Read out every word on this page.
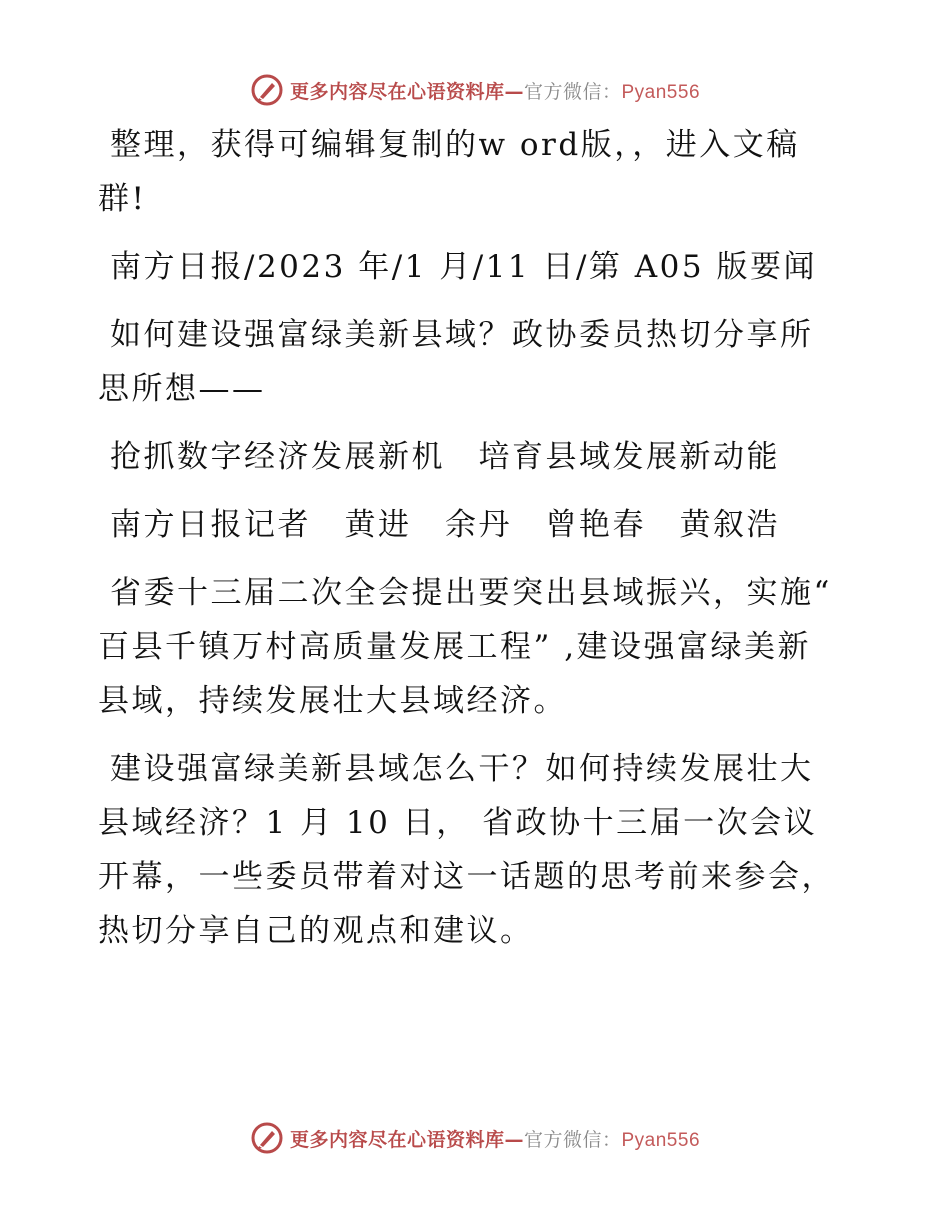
更多内容尽在心语资料库—官方微信：Pyan556

整理，获得可编辑复制的w ord版，，进入文稿群!

南方日报/2023 年/1 月/11 日/第 A05 版要闻

如何建设强富绿美新县域？政协委员热切分享所思所想——

抢抓数字经济发展新机　培育县域发展新动能

南方日报记者　黄进　余丹　曾艳春　黄叙浩

省委十三届二次全会提出要突出县域振兴，实施“ 百县千镇万村高质量发展工程” ,建设强富绿美新县域，持续发展壮大县域经济。

建设强富绿美新县域怎么干？如何持续发展壮大县域经济？1 月 10 日， 省政协十三届一次会议开幕，一些委员带着对这一话题的思考前来参会，热切分享自己的观点和建议。

更多内容尽在心语资料库—官方微信：Pyan556
